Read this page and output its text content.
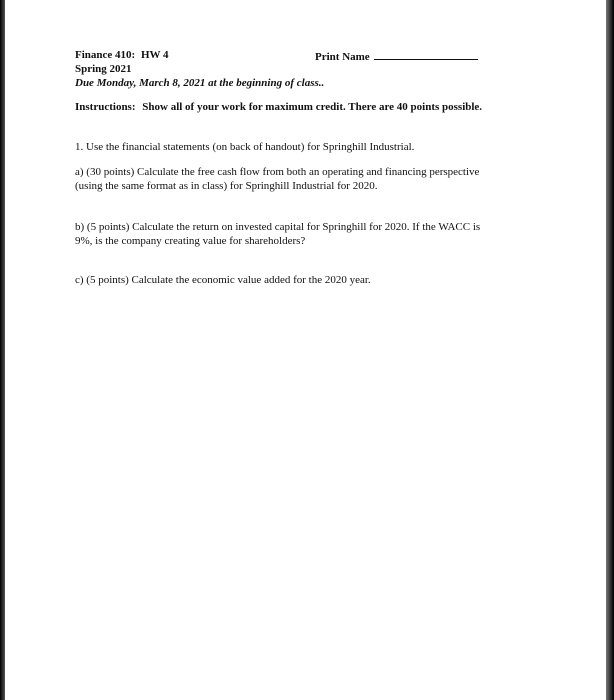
Finance 410: HW 4	Print Name
Spring 2021
Due Monday, March 8, 2021 at the beginning of class..
Instructions: Show all of your work for maximum credit. There are 40 points possible.
1. Use the financial statements (on back of handout) for Springhill Industrial.
a) (30 points) Calculate the free cash flow from both an operating and financing perspective
(using the same format as in class) for Springhill Industrial for 2020.
b) (5 points) Calculate the return on invested capital for Springhill for 2020. If the WACC is
9%, is the company creating value for shareholders?
c) (5 points) Calculate the economic value added for the 2020 year.
